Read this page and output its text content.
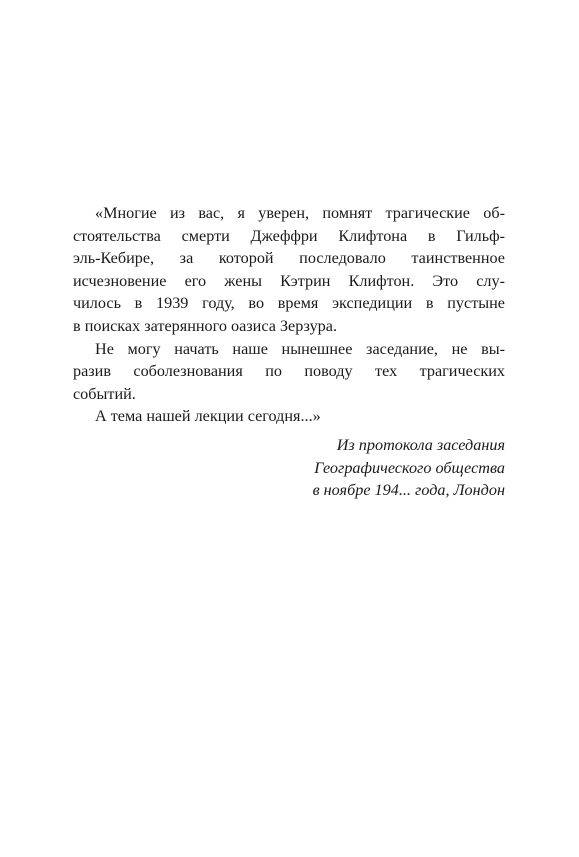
«Многие из вас, я уверен, помнят трагические об-
стоятельства смерти Джеффри Клифтона в Гильф-
эль-Кебире, за которой последовало таинственное
исчезновение его жены Кэтрин Клифтон. Это слу-
чилось в 1939 году, во время экспедиции в пустыне
в поисках затерянного оазиса Зерзура.

Не могу начать наше нынешнее заседание, не вы-
разив соболезнования по поводу тех трагических
событий.

А тема нашей лекции сегодня...»

Из протокола заседания
Географического общества
в ноябре 194... года, Лондон
